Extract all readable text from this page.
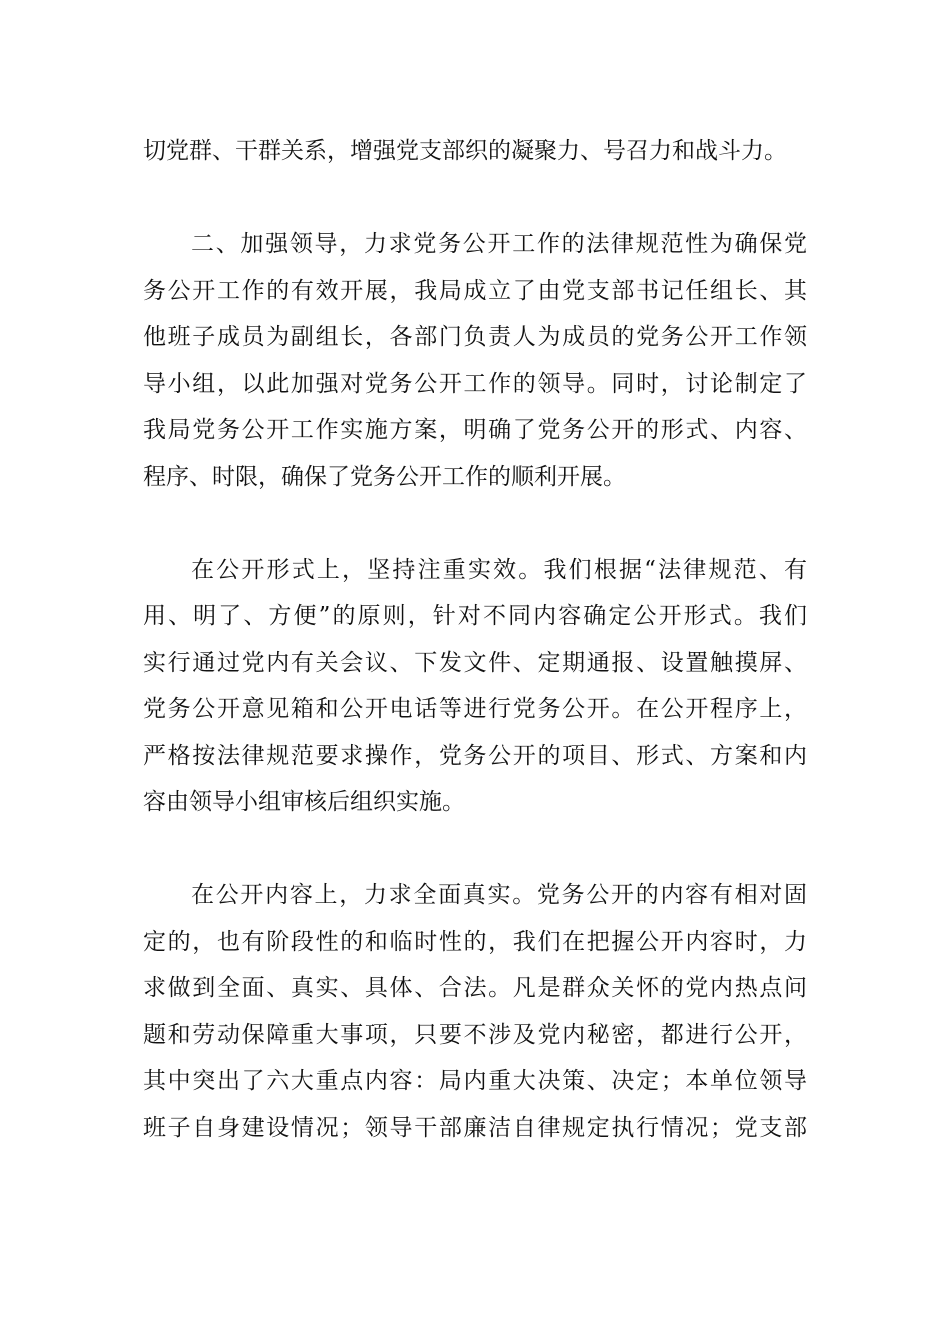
切党群、干群关系，增强党支部织的凝聚力、号召力和战斗力。
二、加强领导，力求党务公开工作的法律规范性为确保党
务公开工作的有效开展，我局成立了由党支部书记任组长、其
他班子成员为副组长，各部门负责人为成员的党务公开工作领
导小组，以此加强对党务公开工作的领导。同时，讨论制定了
我局党务公开工作实施方案，明确了党务公开的形式、内容、
程序、时限，确保了党务公开工作的顺利开展。
在公开形式上，坚持注重实效。我们根据“法律规范、有
用、明了、方便”的原则，针对不同内容确定公开形式。我们
实行通过党内有关会议、下发文件、定期通报、设置触摸屏、
党务公开意见箱和公开电话等进行党务公开。在公开程序上，
严格按法律规范要求操作，党务公开的项目、形式、方案和内
容由领导小组审核后组织实施。
在公开内容上，力求全面真实。党务公开的内容有相对固
定的，也有阶段性的和临时性的，我们在把握公开内容时，力
求做到全面、真实、具体、合法。凡是群众关怀的党内热点问
题和劳动保障重大事项，只要不涉及党内秘密，都进行公开，
其中突出了六大重点内容：局内重大决策、决定；本单位领导
班子自身建设情况；领导干部廉洁自律规定执行情况；党支部
